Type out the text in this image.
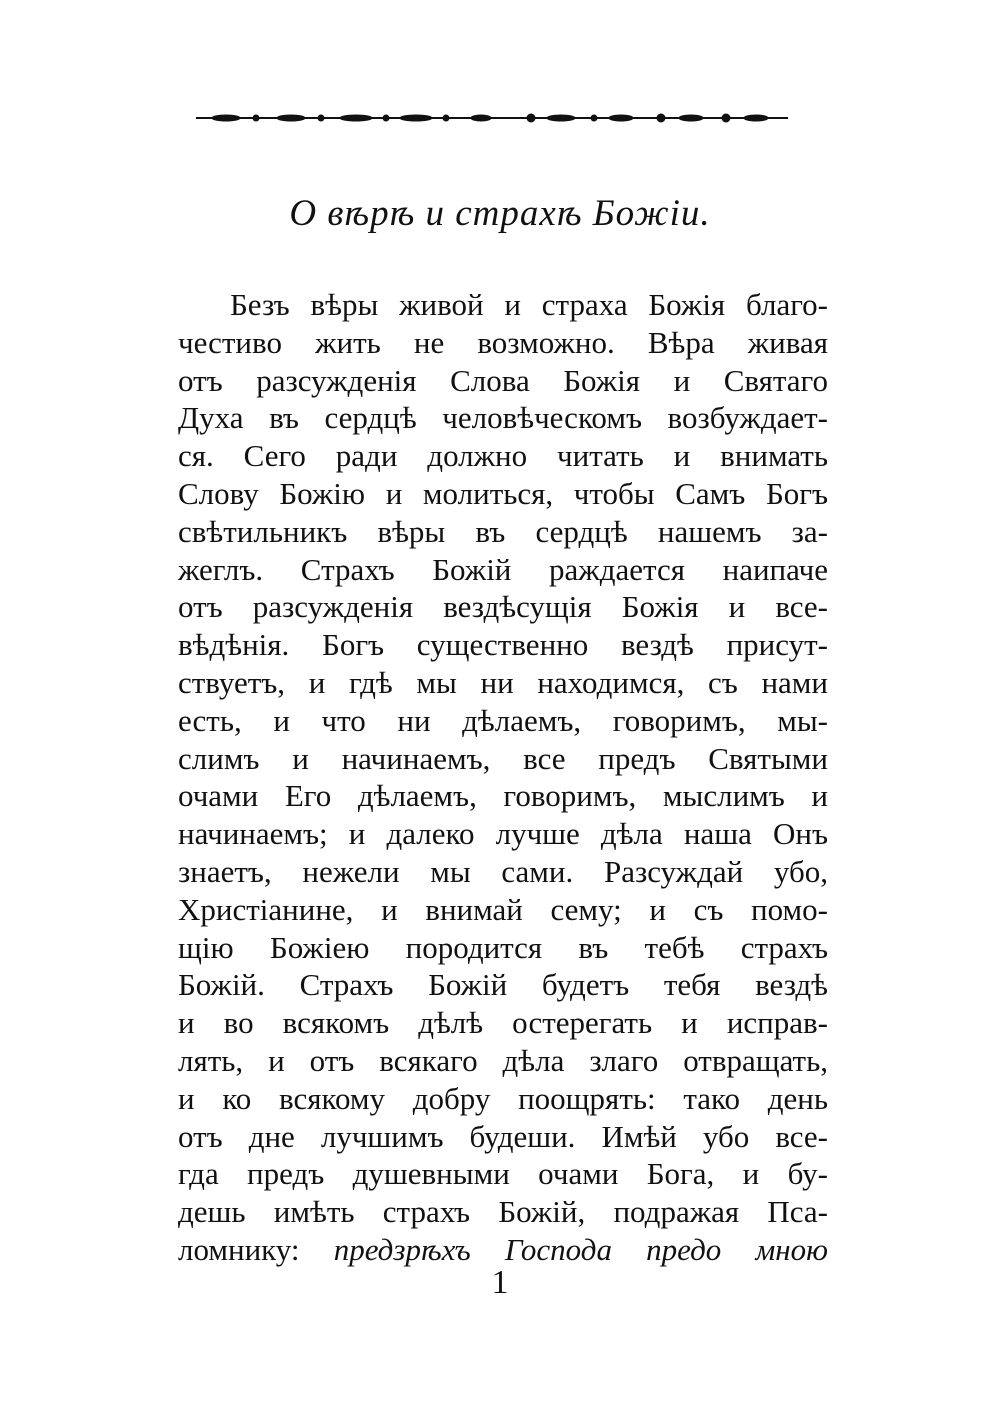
О вѣрѣ и страхѣ Божіи.
Безъ вѣры живой и страха Божія благо-
честиво жить не возможно. Вѣра живая
отъ разсужденія Слова Божія и Святаго
Духа въ сердцѣ человѣческомъ возбуждает-
ся. Сего ради должно читать и внимать
Слову Божію и молиться, чтобы Самъ Богъ
свѣтильникъ вѣры въ сердцѣ нашемъ за-
жеглъ. Страхъ Божій раждается наипаче
отъ разсужденія вездѣсущія Божія и все-
вѣдѣнія. Богъ существенно вездѣ присут-
ствуетъ, и гдѣ мы ни находимся, съ нами
есть, и что ни дѣлаемъ, говоримъ, мы-
слимъ и начинаемъ, все предъ Святыми
очами Его дѣлаемъ, говоримъ, мыслимъ и
начинаемъ; и далеко лучше дѣла наша Онъ
знаетъ, нежели мы сами. Разсуждай убо,
Христіанине, и внимай сему; и съ помо-
щію Божіею породится въ тебѣ страхъ
Божій. Страхъ Божій будетъ тебя вездѣ
и во всякомъ дѣлѣ остерегать и исправ-
лять, и отъ всякаго дѣла злаго отвращать,
и ко всякому добру поощрять: тако день
отъ дне лучшимъ будеши. Имѣй убо все-
гда предъ душевными очами Бога, и бу-
дешь имѣть страхъ Божій, подражая Пса-
ломнику: предзрѣхъ Господа предо мною
1
